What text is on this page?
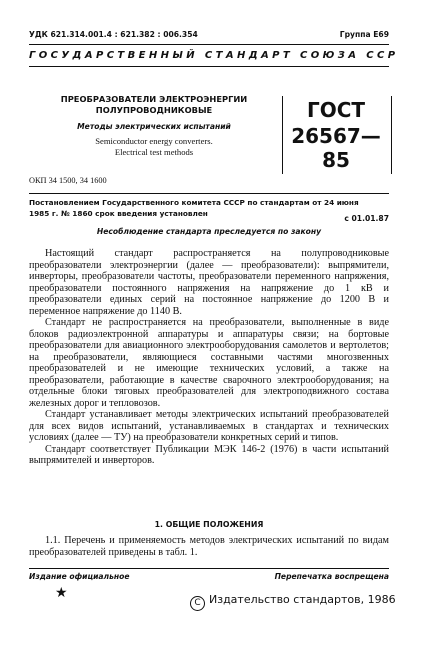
УДК 621.314.001.4 : 621.382 : 006.354	Группа Е69
ГОСУДАРСТВЕННЫЙ СТАНДАРТ СОЮЗА ССР
ПРЕОБРАЗОВАТЕЛИ ЭЛЕКТРОЭНЕРГИИ
ПОЛУПРОВОДНИКОВЫЕ
Методы электрических испытаний
Semiconductor energy converters.
Electrical test methods
ГОСТ
26567—85
ОКП 34 1500, 34 1600
Постановлением Государственного комитета СССР по стандартам от 24 июня
1985 г. № 1860 срок введения установлен
с 01.01.87
Несоблюдение стандарта преследуется по закону

Настоящий стандарт распространяется на полупроводниковые преобразователи электроэнергии (далее — преобразователи): выпрямители, инверторы, преобразователи частоты, преобразователи переменного напряжения, преобразователи постоянного напряжения на напряжение до 1 кВ и преобразователи единых серий на постоянное напряжение до 1200 В и переменное напряжение до 1140 В.

Стандарт не распространяется на преобразователи, выполненные в виде блоков радиоэлектронной аппаратуры и аппаратуры связи; на бортовые преобразователи для авиационного электрооборудования самолетов и вертолетов; на преобразователи, являющиеся составными частями многозвенных преобразователей и не имеющие технических условий, а также на преобразователи, работающие в качестве сварочного электрооборудования; на отдельные блоки тяговых преобразователей для электроподвижного состава железных дорог и тепловозов.

Стандарт устанавливает методы электрических испытаний преобразователей для всех видов испытаний, устанавливаемых в стандартах и технических условиях (далее — ТУ) на преобразователи конкретных серий и типов.

Стандарт соответствует Публикации МЭК 146-2 (1976) в части испытаний выпрямителей и инверторов.

1. ОБЩИЕ ПОЛОЖЕНИЯ

1.1. Перечень и применяемость методов электрических испытаний по видам преобразователей приведены в табл. 1.

Издание официальное	Перепечатка воспрещена
★
C Издательство стандартов, 1986
